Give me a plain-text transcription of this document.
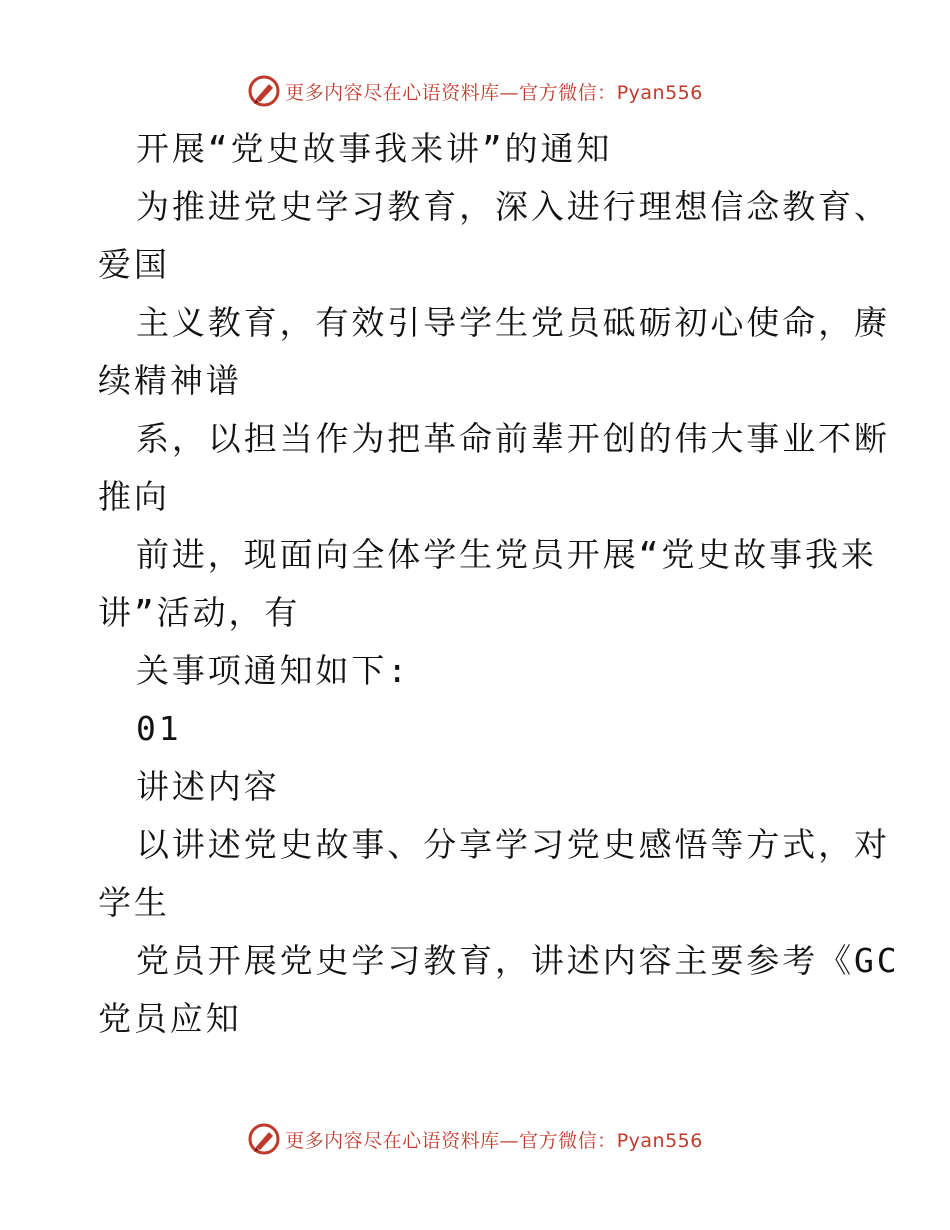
更多内容尽在心语资料库—官方微信：Pyan556
开展“党史故事我来讲”的通知
为推进党史学习教育，深入进行理想信念教育、
爱国
主义教育，有效引导学生党员砥砺初心使命，赓
续精神谱
系，以担当作为把革命前辈开创的伟大事业不断
推向
前进，现面向全体学生党员开展“党史故事我来
讲”活动，有
关事项通知如下:
01
讲述内容
以讲述党史故事、分享学习党史感悟等方式，对
学生
党员开展党史学习教育，讲述内容主要参考《GC
党员应知
更多内容尽在心语资料库—官方微信：Pyan556
